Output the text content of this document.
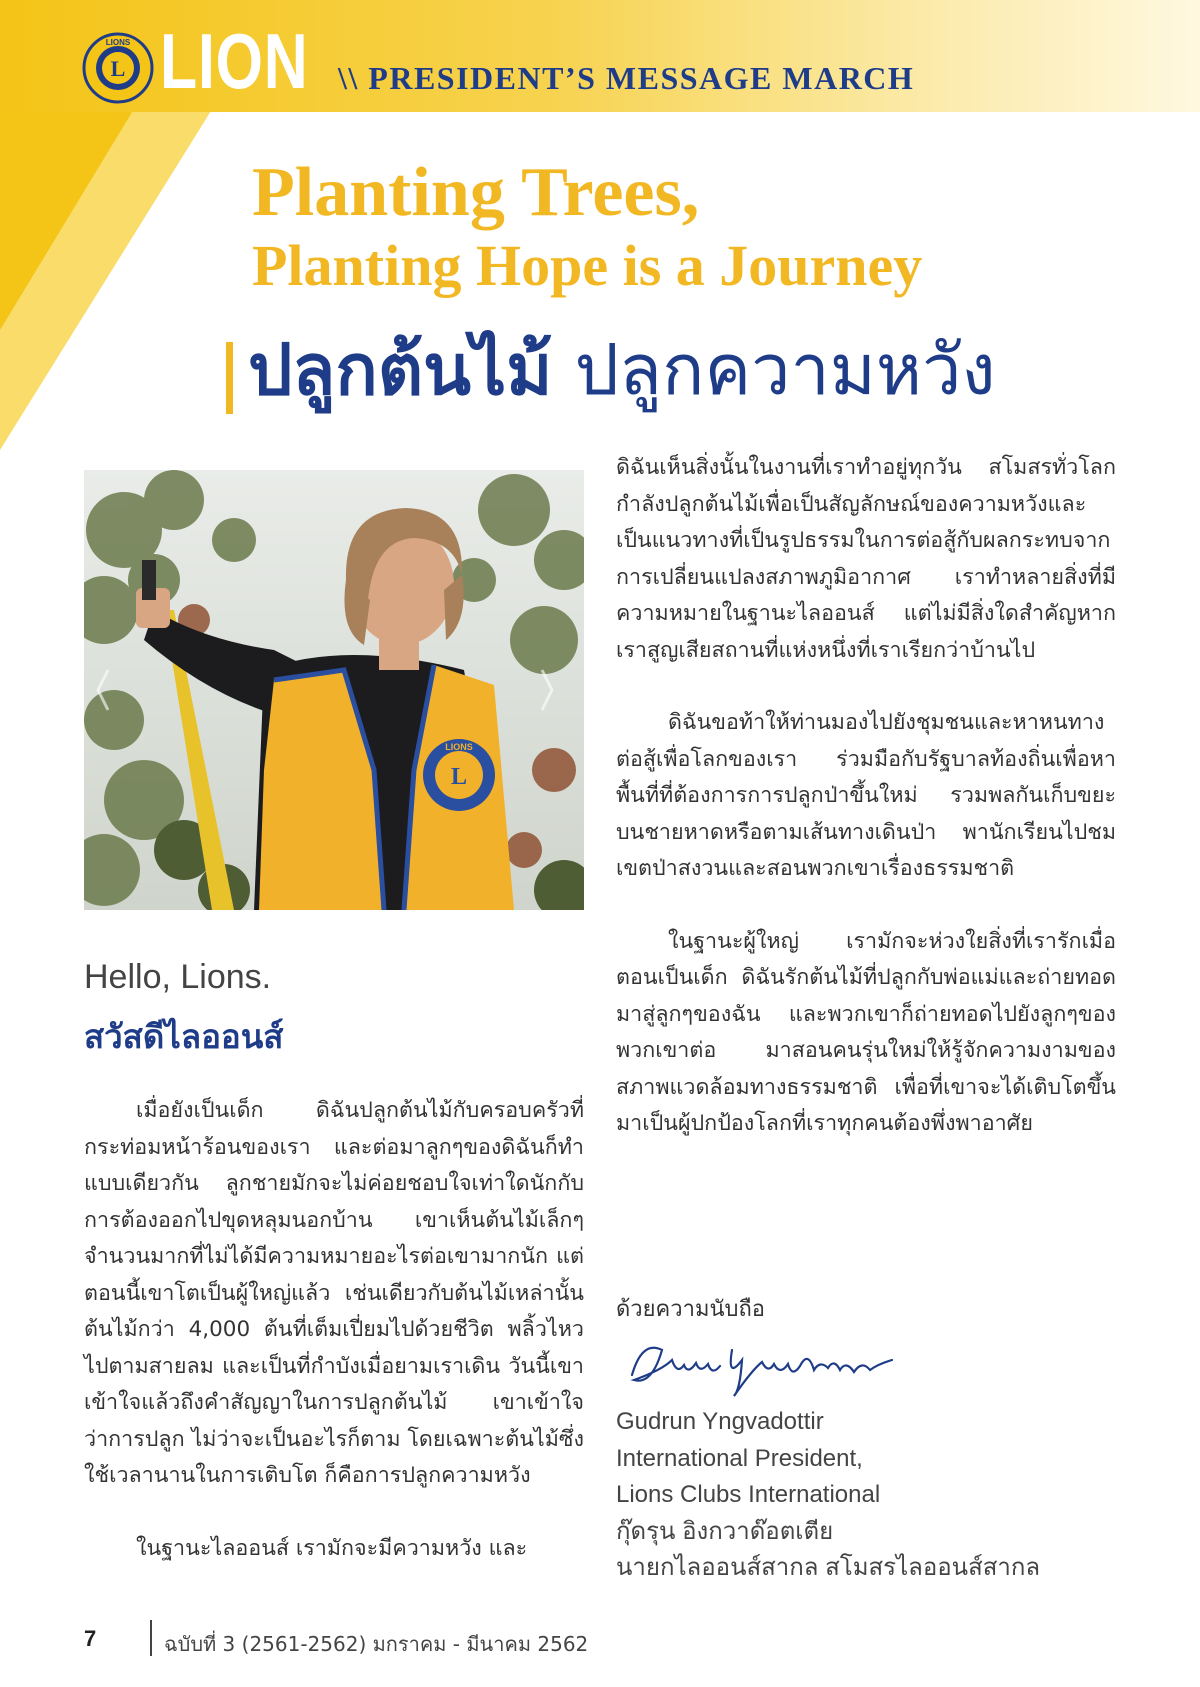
L
LIONS LION \\ PRESIDENT’S MESSAGE MARCH
Planting Trees,
Planting Hope is a Journey
ปลูกต้นไม้ ปลูกความหวัง
L
LIONS
Hello, Lions.
สวัสดีไลออนส์

เมื่อยังเป็นเด็ก ดิฉันปลูกต้นไม้กับครอบครัวที่กระท่อมหน้าร้อนของเรา และต่อมาลูกๆของดิฉันก็ทำแบบเดียวกัน ลูกชายมักจะไม่ค่อยชอบใจเท่าใดนักกับการต้องออกไปขุดหลุมนอกบ้าน เขาเห็นต้นไม้เล็กๆจำนวนมากที่ไม่ได้มีความหมายอะไรต่อเขามากนัก แต่ตอนนี้เขาโตเป็นผู้ใหญ่แล้ว เช่นเดียวกับต้นไม้เหล่านั้น ต้นไม้กว่า 4,000 ต้นที่เต็มเปี่ยมไปด้วยชีวิต พลิ้วไหวไปตามสายลม และเป็นที่กำบังเมื่อยามเราเดิน วันนี้เขาเข้าใจแล้วถึงคำสัญญาในการปลูกต้นไม้ เขาเข้าใจว่าการปลูก ไม่ว่าจะเป็นอะไรก็ตาม โดยเฉพาะต้นไม้ซึ่งใช้เวลานานในการเติบโต ก็คือการปลูกความหวัง

ในฐานะไลออนส์ เรามักจะมีความหวัง และ

ดิฉันเห็นสิ่งนั้นในงานที่เราทำอยู่ทุกวัน สโมสรทั่วโลกกำลังปลูกต้นไม้เพื่อเป็นสัญลักษณ์ของความหวังและเป็นแนวทางที่เป็นรูปธรรมในการต่อสู้กับผลกระทบจากการเปลี่ยนแปลงสภาพภูมิอากาศ เราทำหลายสิ่งที่มีความหมายในฐานะไลออนส์ แต่ไม่มีสิ่งใดสำคัญหากเราสูญเสียสถานที่แห่งหนึ่งที่เราเรียกว่าบ้านไป

ดิฉันขอท้าให้ท่านมองไปยังชุมชนและหาหนทางต่อสู้เพื่อโลกของเรา ร่วมมือกับรัฐบาลท้องถิ่นเพื่อหาพื้นที่ที่ต้องการการปลูกป่าขึ้นใหม่ รวมพลกันเก็บขยะบนชายหาดหรือตามเส้นทางเดินป่า พานักเรียนไปชมเขตป่าสงวนและสอนพวกเขาเรื่องธรรมชาติ

ในฐานะผู้ใหญ่ เรามักจะห่วงใยสิ่งที่เรารักเมื่อตอนเป็นเด็ก ดิฉันรักต้นไม้ที่ปลูกกับพ่อแม่และถ่ายทอดมาสู่ลูกๆของฉัน และพวกเขาก็ถ่ายทอดไปยังลูกๆของพวกเขาต่อ มาสอนคนรุ่นใหม่ให้รู้จักความงามของสภาพแวดล้อมทางธรรมชาติ เพื่อที่เขาจะได้เติบโตขึ้นมาเป็นผู้ปกป้องโลกที่เราทุกคนต้องพึ่งพาอาศัย

ด้วยความนับถือ
Gudrun Yngvadottir
International President,
Lions Clubs International
กุ๊ดรุน อิงกวาด๊อตเตีย
นายกไลออนส์สากล สโมสรไลออนส์สากล
7	ฉบับที่ 3 (2561-2562) มกราคม - มีนาคม 2562
